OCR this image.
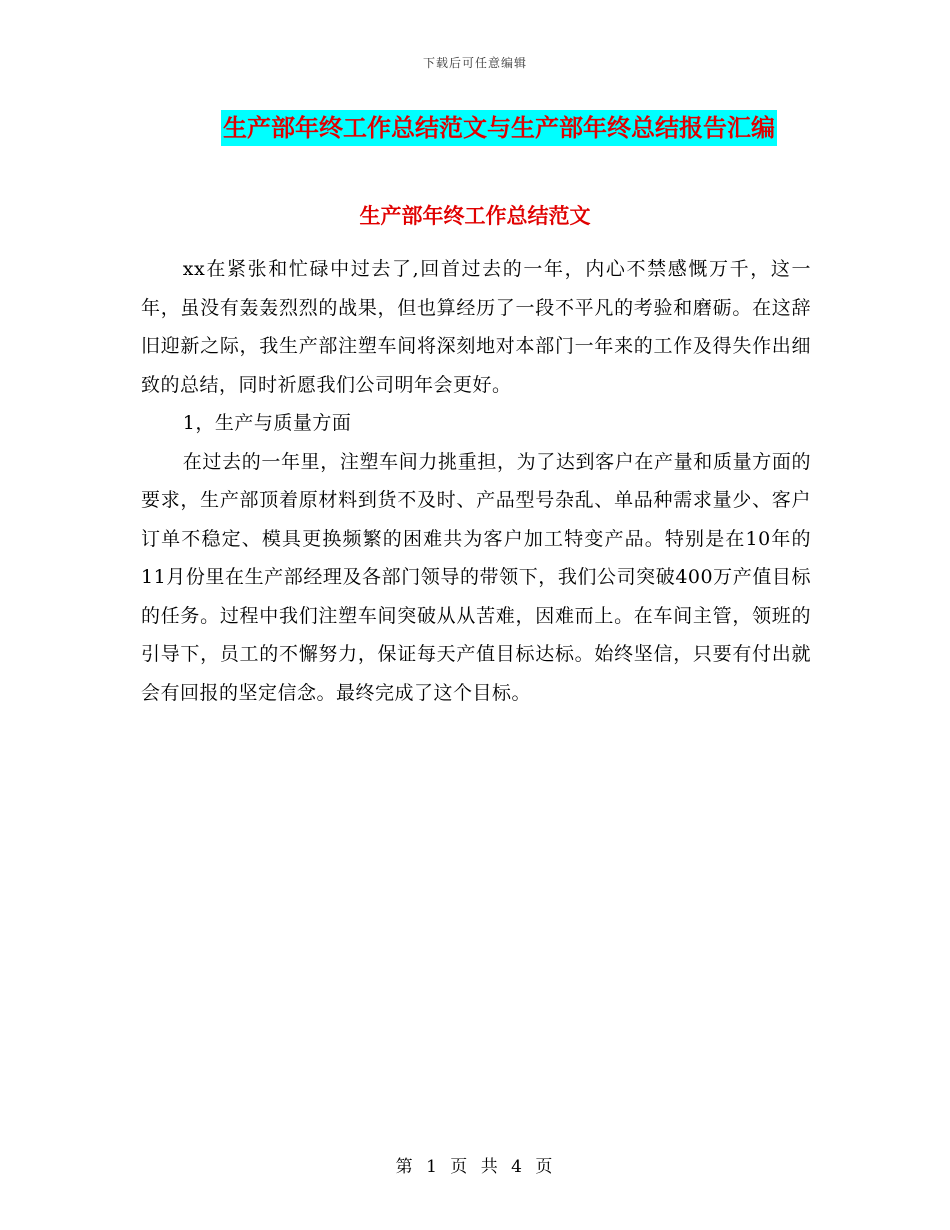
下载后可任意编辑
生产部年终工作总结范文与生产部年终总结报告汇编
生产部年终工作总结范文

xx在紧张和忙碌中过去了,回首过去的一年，内心不禁感慨万千，这一年，虽没有轰轰烈烈的战果，但也算经历了一段不平凡的考验和磨砺。在这辞旧迎新之际，我生产部注塑车间将深刻地对本部门一年来的工作及得失作出细致的总结，同时祈愿我们公司明年会更好。

1，生产与质量方面

在过去的一年里，注塑车间力挑重担，为了达到客户在产量和质量方面的要求，生产部顶着原材料到货不及时、产品型号杂乱、单品种需求量少、客户订单不稳定、模具更换频繁的困难共为客户加工特变产品。特别是在10年的11月份里在生产部经理及各部门领导的带领下，我们公司突破400万产值目标的任务。过程中我们注塑车间突破从从苦难，因难而上。在车间主管，领班的引导下，员工的不懈努力，保证每天产值目标达标。始终坚信，只要有付出就会有回报的坚定信念。最终完成了这个目标。

第 1 页 共 4 页
